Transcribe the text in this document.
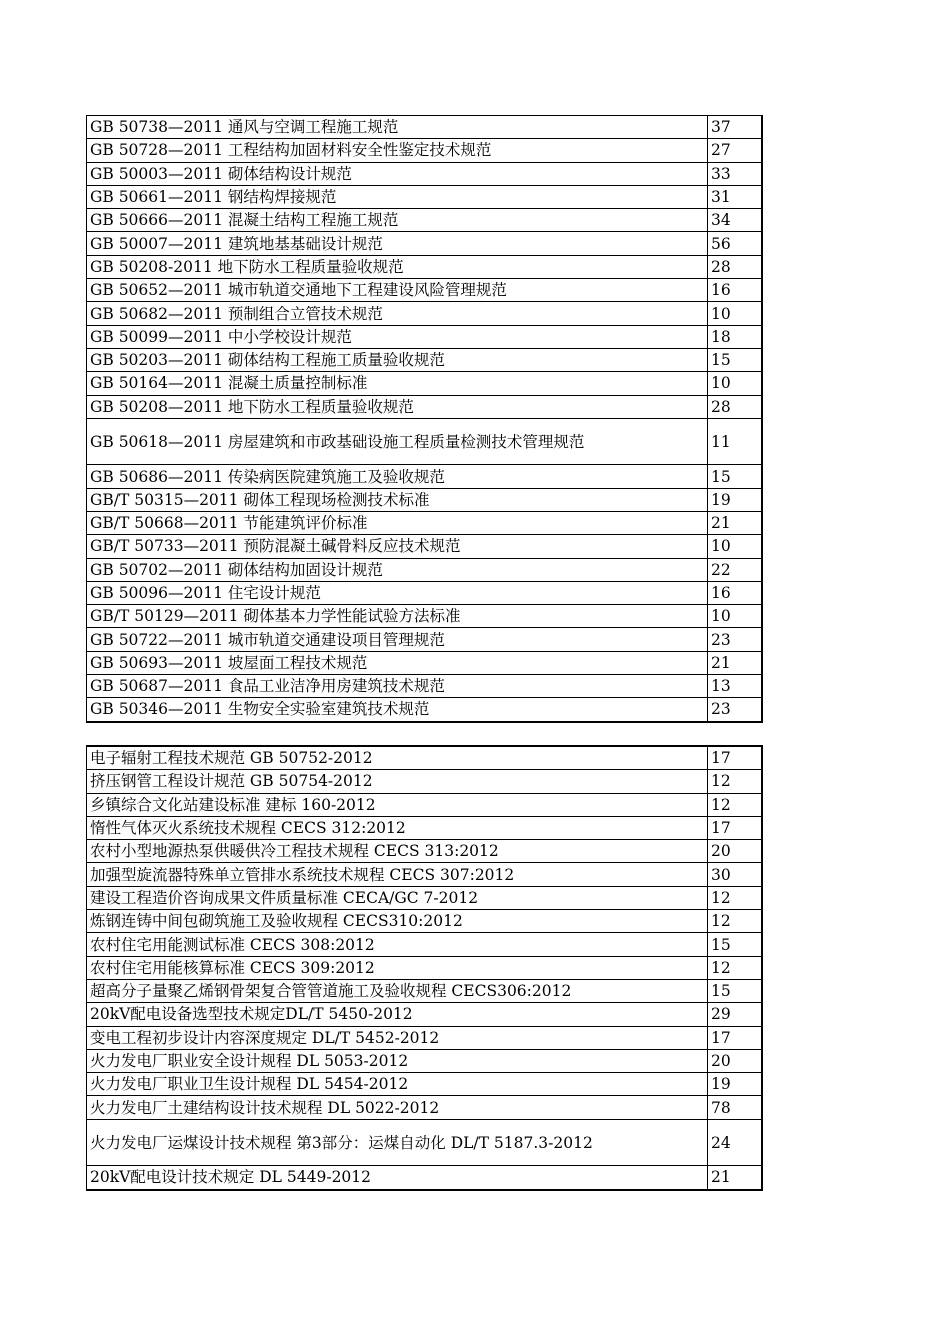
GB 50738—2011 通风与空调工程施工规范	37
GB 50728—2011 工程结构加固材料安全性鉴定技术规范	27
GB 50003—2011 砌体结构设计规范	33
GB 50661—2011 钢结构焊接规范	31
GB 50666—2011 混凝土结构工程施工规范	34
GB 50007—2011 建筑地基基础设计规范	56
GB 50208-2011 地下防水工程质量验收规范	28
GB 50652—2011 城市轨道交通地下工程建设风险管理规范	16
GB 50682—2011 预制组合立管技术规范	10
GB 50099—2011 中小学校设计规范	18
GB 50203—2011 砌体结构工程施工质量验收规范	15
GB 50164—2011 混凝土质量控制标准	10
GB 50208—2011 地下防水工程质量验收规范	28
GB 50618—2011 房屋建筑和市政基础设施工程质量检测技术管理规范	11
GB 50686—2011 传染病医院建筑施工及验收规范	15
GB/T 50315—2011 砌体工程现场检测技术标准	19
GB/T 50668—2011 节能建筑评价标准	21
GB/T 50733—2011 预防混凝土碱骨料反应技术规范	10
GB 50702—2011 砌体结构加固设计规范	22
GB 50096—2011 住宅设计规范	16
GB/T 50129—2011 砌体基本力学性能试验方法标准	10
GB 50722—2011 城市轨道交通建设项目管理规范	23
GB 50693—2011 坡屋面工程技术规范	21
GB 50687—2011 食品工业洁净用房建筑技术规范	13
GB 50346—2011 生物安全实验室建筑技术规范	23
电子辐射工程技术规范 GB 50752-2012	17
挤压钢管工程设计规范 GB 50754-2012	12
乡镇综合文化站建设标准 建标 160-2012	12
惰性气体灭火系统技术规程 CECS 312:2012	17
农村小型地源热泵供暖供冷工程技术规程 CECS 313:2012	20
加强型旋流器特殊单立管排水系统技术规程 CECS 307:2012	30
建设工程造价咨询成果文件质量标准 CECA/GC 7-2012	12
炼钢连铸中间包砌筑施工及验收规程 CECS310:2012	12
农村住宅用能测试标准 CECS 308:2012	15
农村住宅用能核算标准 CECS 309:2012	12
超高分子量聚乙烯钢骨架复合管管道施工及验收规程 CECS306:2012	15
20kV配电设备选型技术规定DL/T 5450-2012	29
变电工程初步设计内容深度规定 DL/T 5452-2012	17
火力发电厂职业安全设计规程 DL 5053-2012	20
火力发电厂职业卫生设计规程 DL 5454-2012	19
火力发电厂土建结构设计技术规程 DL 5022-2012	78
火力发电厂运煤设计技术规程 第3部分：运煤自动化 DL/T 5187.3-2012	24
20kV配电设计技术规定 DL 5449-2012	21
